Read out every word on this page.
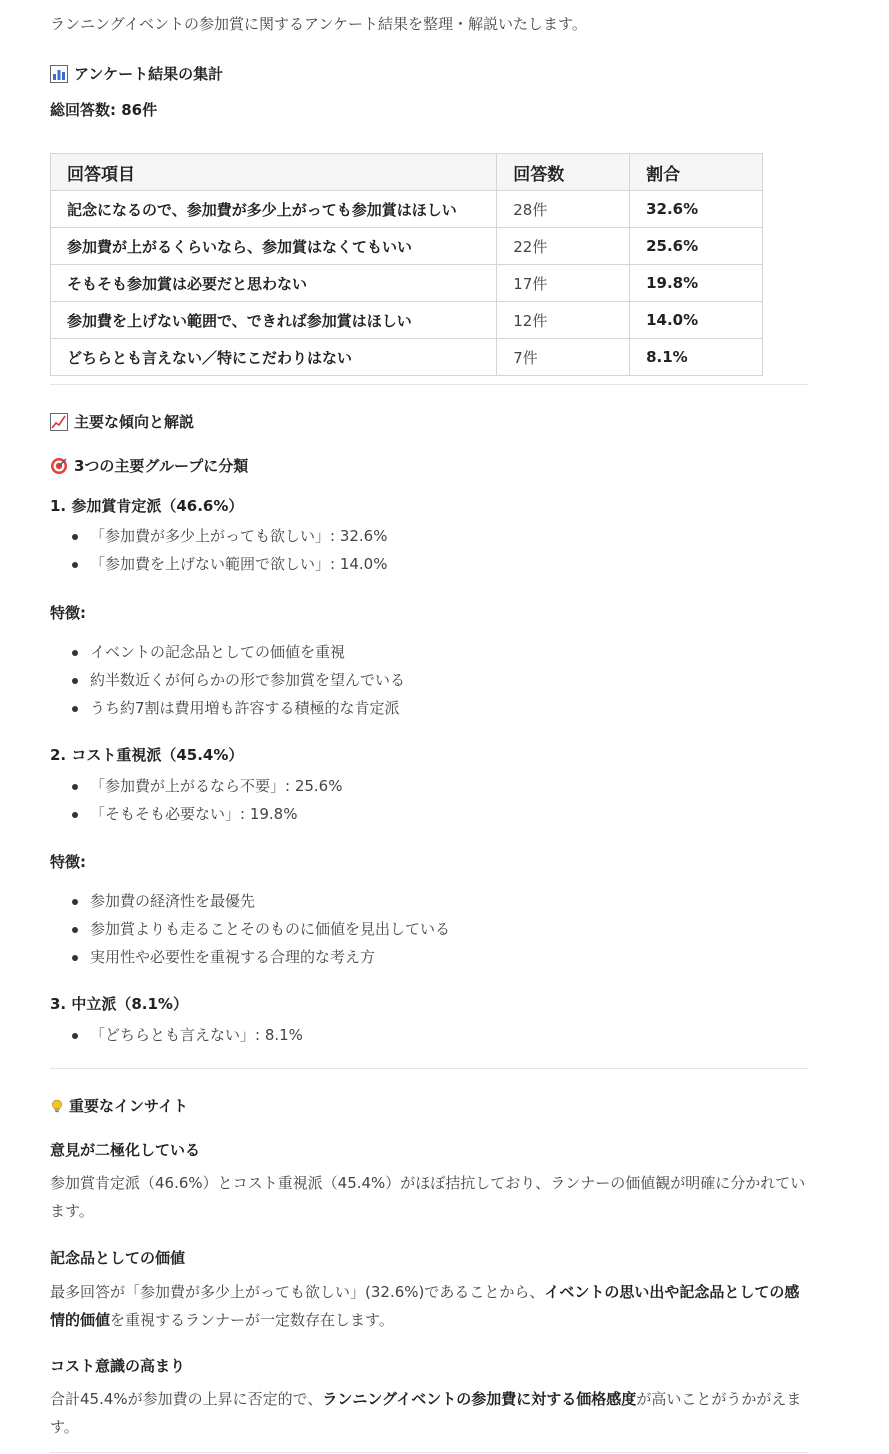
ランニングイベントの参加賞に関するアンケート結果を整理・解説いたします。

アンケート結果の集計

総回答数: 86件

回答項目	回答数	割合
記念になるので、参加費が多少上がっても参加賞はほしい	28件	32.6%
参加費が上がるくらいなら、参加賞はなくてもいい	22件	25.6%
そもそも参加賞は必要だと思わない	17件	19.8%
参加費を上げない範囲で、できれば参加賞はほしい	12件	14.0%
どちらとも言えない／特にこだわりはない	7件	8.1%
主要な傾向と解説
3つの主要グループに分類

1. 参加賞肯定派（46.6%）

「参加費が多少上がっても欲しい」: 32.6%
「参加費を上げない範囲で欲しい」: 14.0%

特徴:

イベントの記念品としての価値を重視
約半数近くが何らかの形で参加賞を望んでいる
うち約7割は費用増も許容する積極的な肯定派

2. コスト重視派（45.4%）

「参加費が上がるなら不要」: 25.6%
「そもそも必要ない」: 19.8%

特徴:

参加費の経済性を最優先
参加賞よりも走ることそのものに価値を見出している
実用性や必要性を重視する合理的な考え方

3. 中立派（8.1%）

「どちらとも言えない」: 8.1%
重要なインサイト

意見が二極化している

参加賞肯定派（46.6%）とコスト重視派（45.4%）がほぼ拮抗しており、ランナーの価値観が明確に分かれています。

記念品としての価値

最多回答が「参加費が多少上がっても欲しい」(32.6%)であることから、イベントの思い出や記念品としての感情的価値を重視するランナーが一定数存在します。

コスト意識の高まり

合計45.4%が参加費の上昇に否定的で、ランニングイベントの参加費に対する価格感度が高いことがうかがえます。
